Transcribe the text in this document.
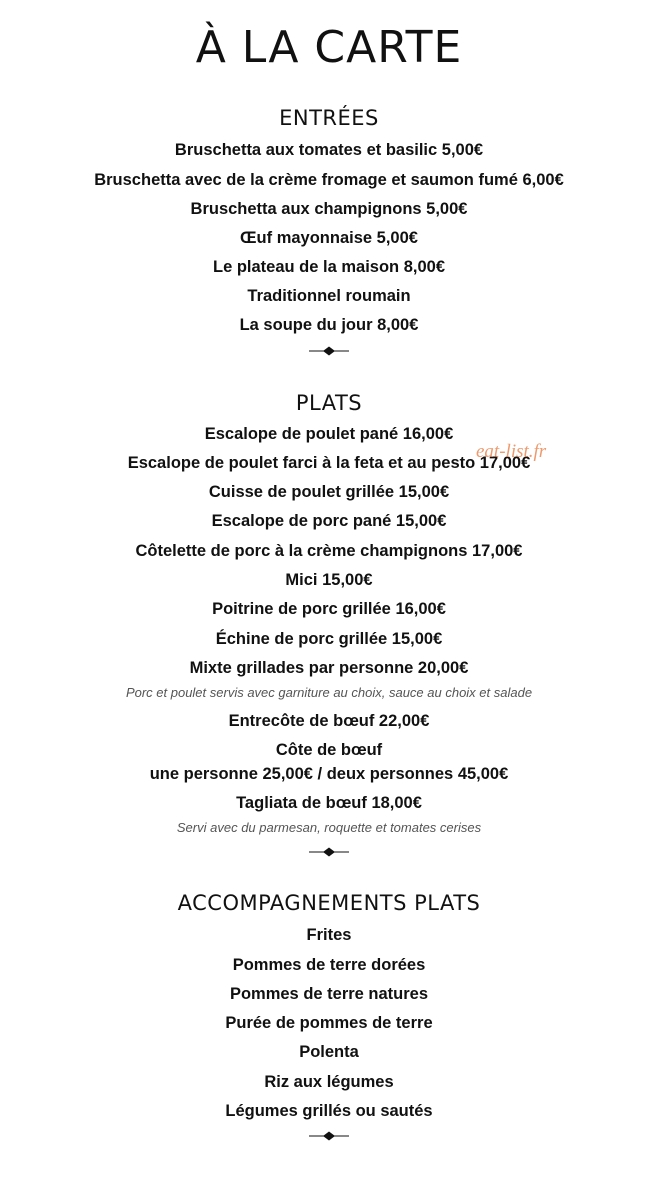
À LA CARTE
ENTRÉES
Bruschetta aux tomates et basilic 5,00€
Bruschetta avec de la crème fromage et saumon fumé 6,00€
Bruschetta aux champignons 5,00€
Œuf mayonnaise 5,00€
Le plateau de la maison 8,00€
Traditionnel roumain
La soupe du jour 8,00€
PLATS
Escalope de poulet pané 16,00€
Escalope de poulet farci à la feta et au pesto 17,00€
Cuisse de poulet grillée 15,00€
Escalope de porc pané 15,00€
Côtelette de porc à la crème champignons 17,00€
Mici 15,00€
Poitrine de porc grillée 16,00€
Échine de porc grillée 15,00€
Mixte grillades par personne 20,00€
Porc et poulet servis avec garniture au choix, sauce au choix et salade
Entrecôte de bœuf 22,00€
Côte de bœuf
une personne 25,00€ / deux personnes 45,00€
Tagliata de bœuf 18,00€
Servi avec du parmesan, roquette et tomates cerises
ACCOMPAGNEMENTS PLATS
Frites
Pommes de terre dorées
Pommes de terre natures
Purée de pommes de terre
Polenta
Riz aux légumes
Légumes grillés ou sautés
eat-list.fr
